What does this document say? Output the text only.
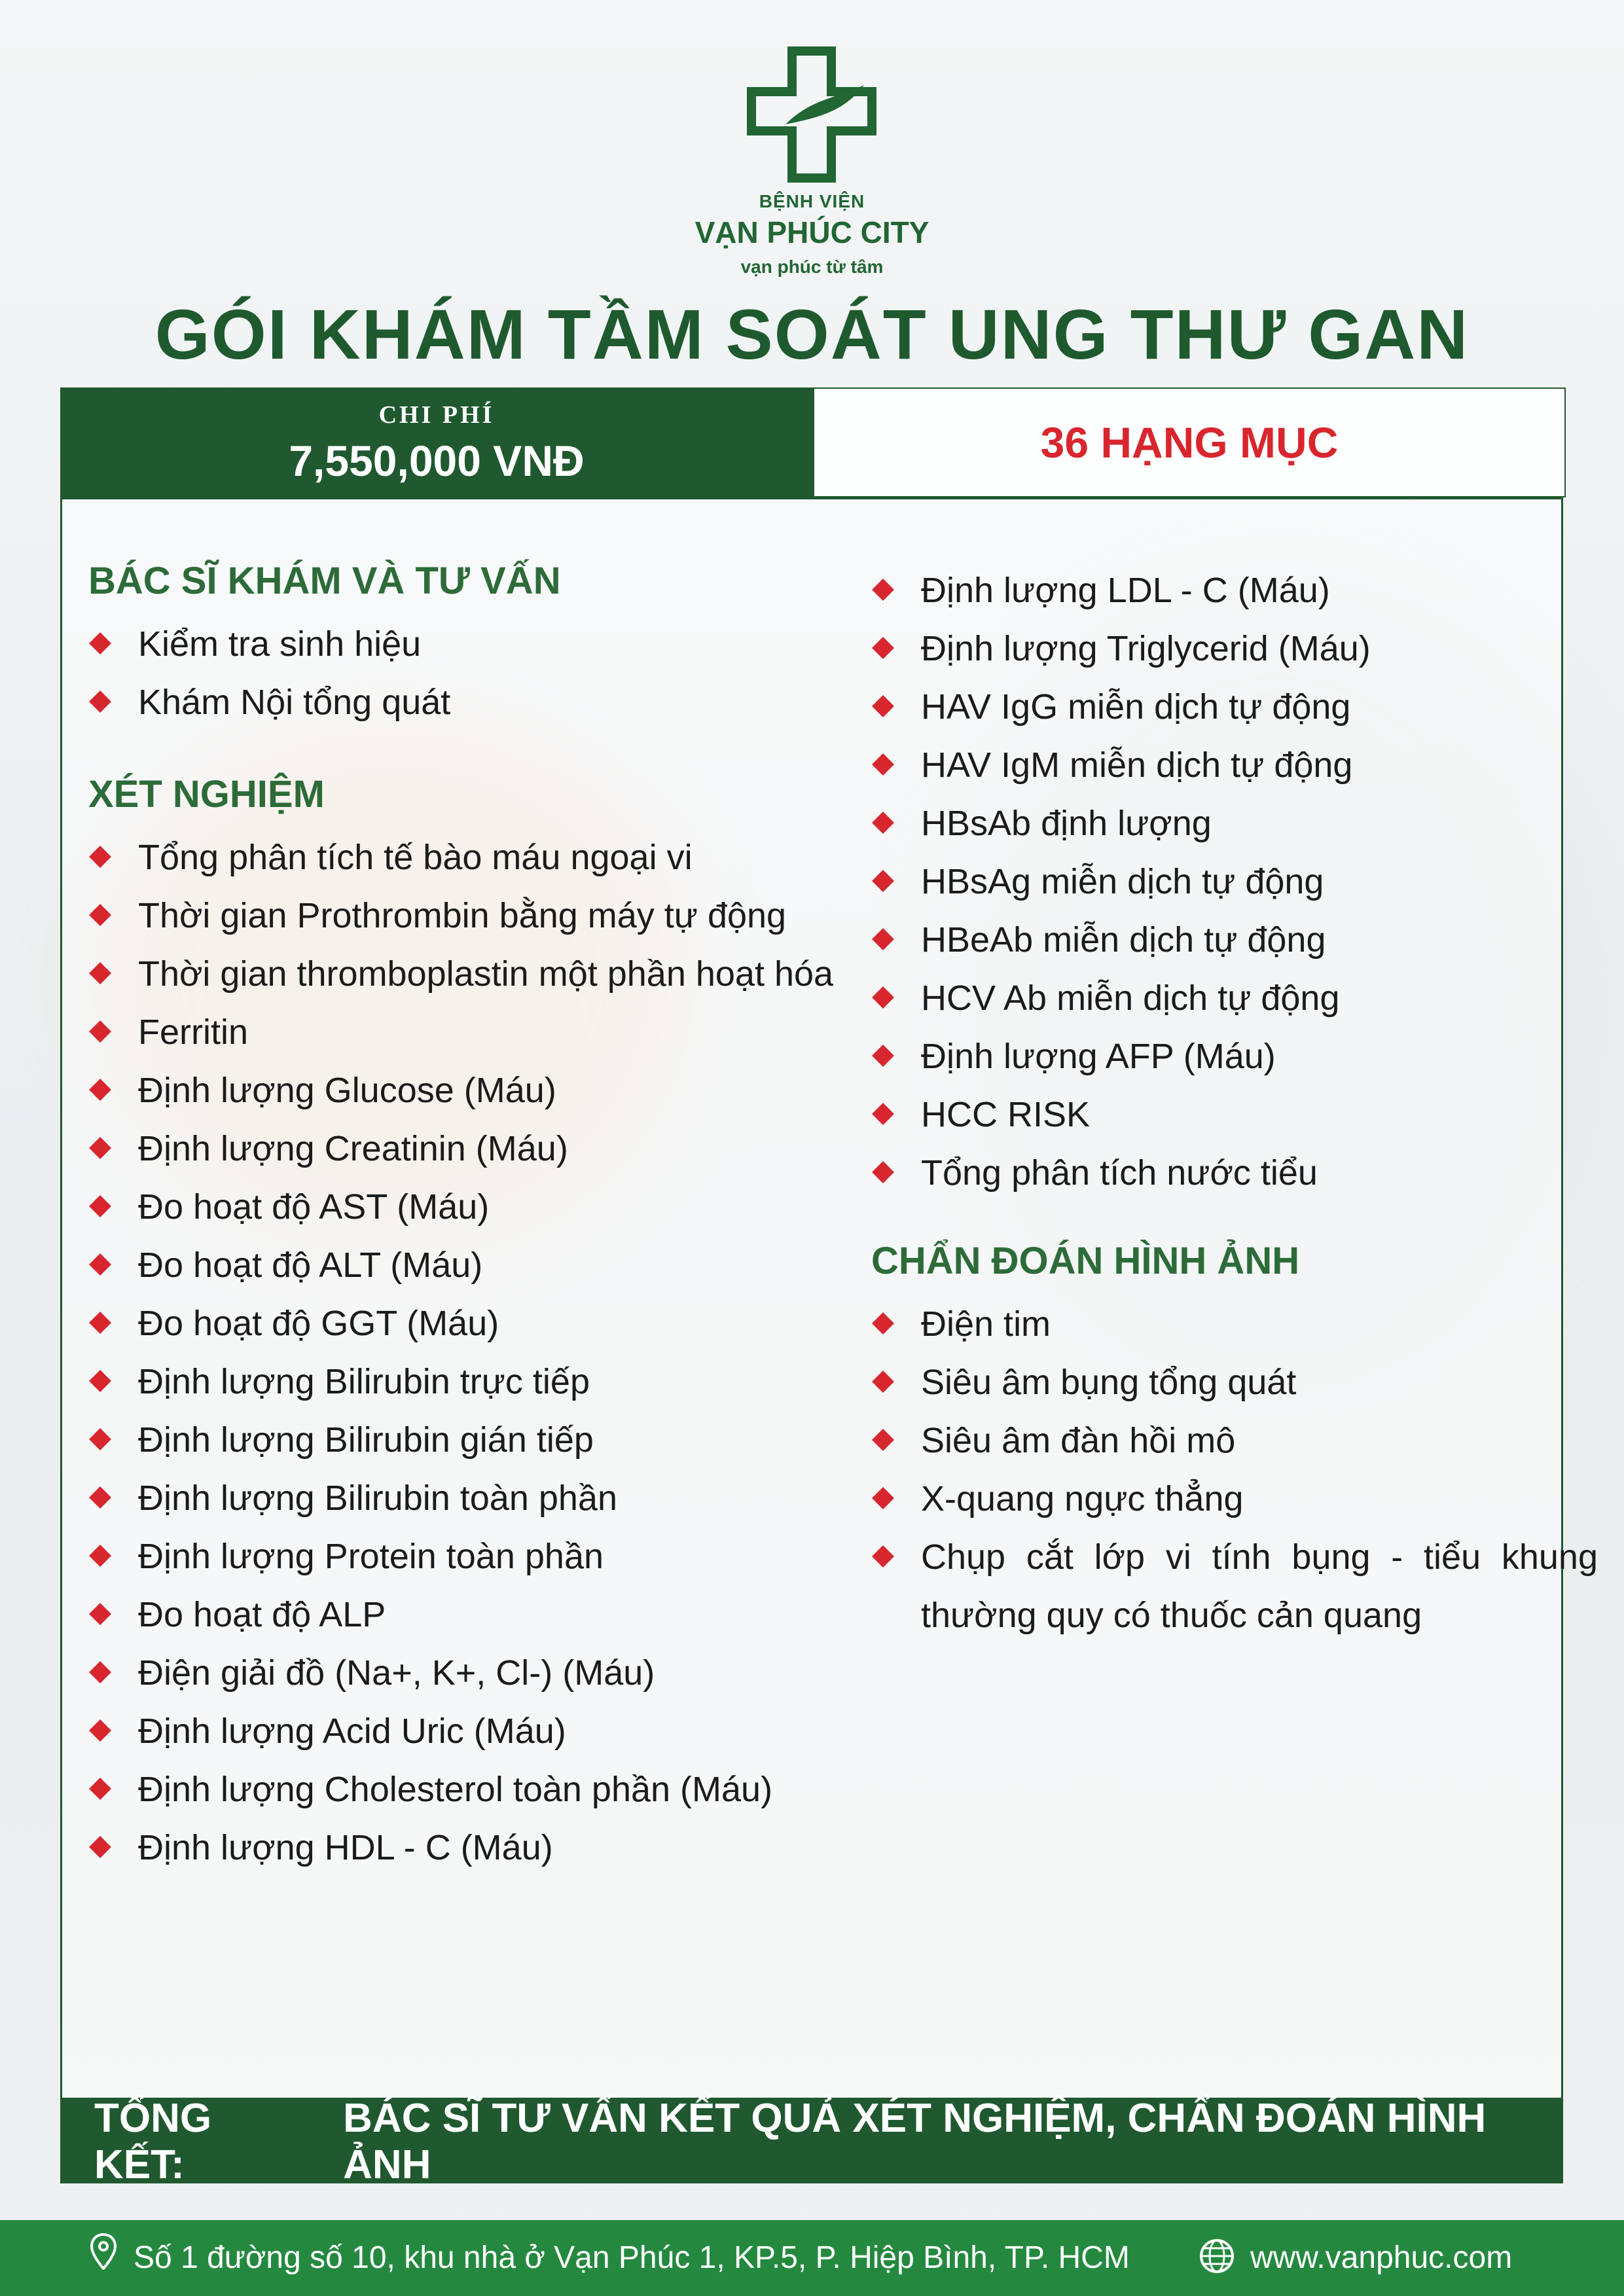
BỆNH VIỆN
VẠN PHÚC CITY
vạn phúc từ tâm
GÓI KHÁM TẦM SOÁT UNG THƯ GAN
CHI PHÍ
7,550,000 VNĐ	36 HẠNG MỤC
BÁC SĨ KHÁM VÀ TƯ VẤN
Kiểm tra sinh hiệu
Khám Nội tổng quát
XÉT NGHIỆM
Tổng phân tích tế bào máu ngoại vi
Thời gian Prothrombin bằng máy tự động
Thời gian thromboplastin một phần hoạt hóa
Ferritin
Định lượng Glucose (Máu)
Định lượng Creatinin (Máu)
Đo hoạt độ AST (Máu)
Đo hoạt độ ALT (Máu)
Đo hoạt độ GGT (Máu)
Định lượng Bilirubin trực tiếp
Định lượng Bilirubin gián tiếp
Định lượng Bilirubin toàn phần
Định lượng Protein toàn phần
Đo hoạt độ ALP
Điện giải đồ (Na+, K+, Cl-) (Máu)
Định lượng Acid Uric (Máu)
Định lượng Cholesterol toàn phần (Máu)
Định lượng HDL - C (Máu)
Định lượng LDL - C (Máu)
Định lượng Triglycerid (Máu)
HAV IgG miễn dịch tự động
HAV IgM miễn dịch tự động
HBsAb định lượng
HBsAg miễn dịch tự động
HBeAb miễn dịch tự động
HCV Ab miễn dịch tự động
Định lượng AFP (Máu)
HCC RISK
Tổng phân tích nước tiểu
CHẨN ĐOÁN HÌNH ẢNH
Điện tim
Siêu âm bụng tổng quát
Siêu âm đàn hồi mô
X-quang ngực thẳng
Chụp cắt lớp vi tính bụng - tiểu khung thường quy có thuốc cản quang
TỔNG KẾT:
BÁC SĨ TƯ VẤN KẾT QUẢ XÉT NGHIỆM, CHẨN ĐOÁN HÌNH ẢNH
Số 1 đường số 10, khu nhà ở Vạn Phúc 1, KP.5, P. Hiệp Bình, TP. HCM	www.vanphuc.com
